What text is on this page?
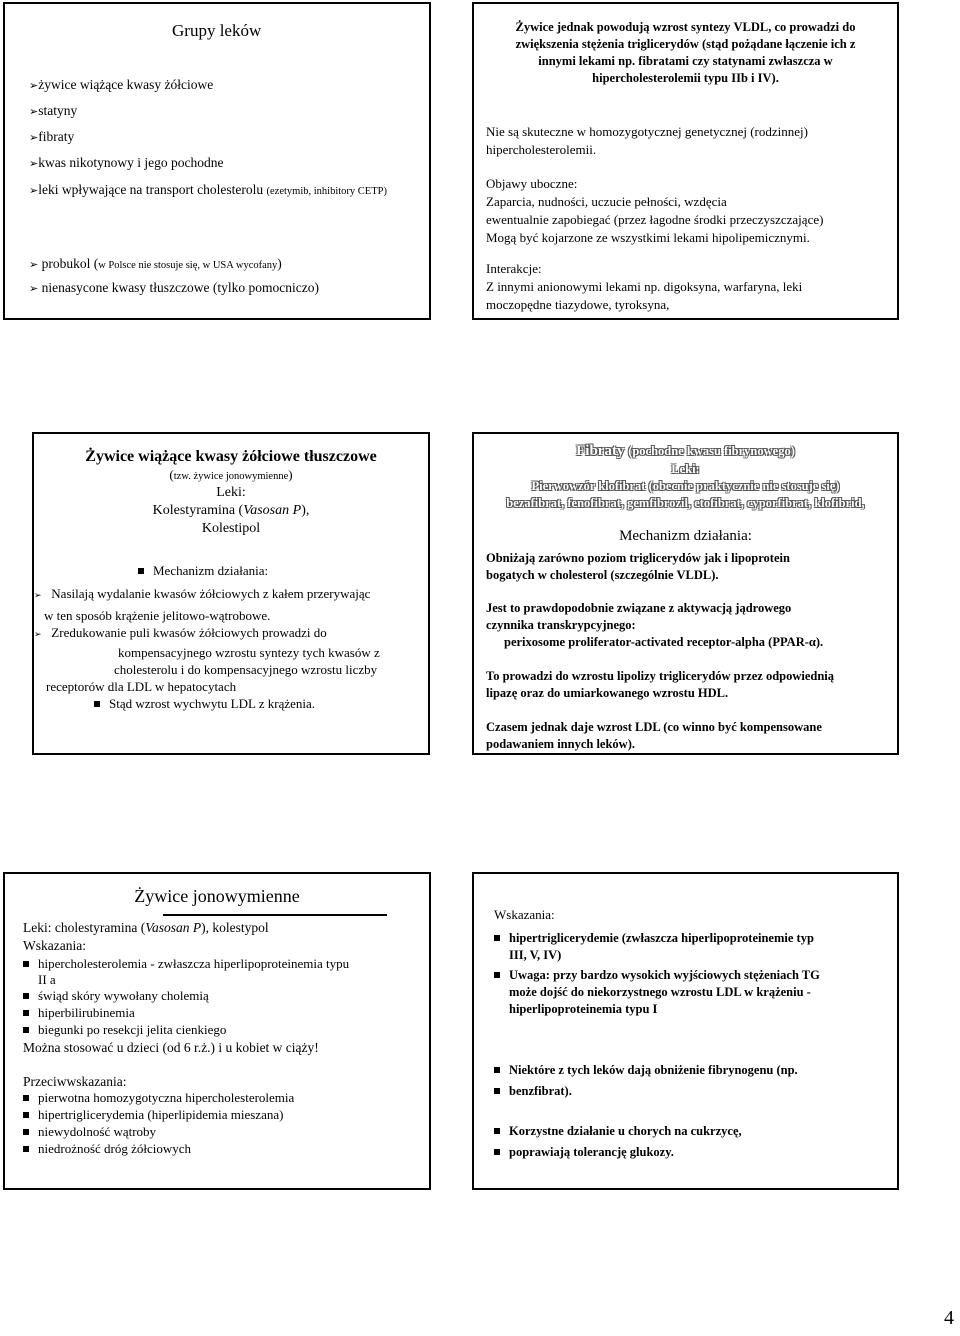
Grupy leków
➢żywice wiążące kwasy żółciowe
➢statyny
➢fibraty
➢kwas nikotynowy i jego pochodne
➢leki wpływające na transport cholesterolu (ezetymib, inhibitory CETP)
➢ probukol (w Polsce nie stosuje się, w USA wycofany)
➢ nienasycone kwasy tłuszczowe (tylko pomocniczo)
Żywice jednak powodują wzrost syntezy VLDL, co prowadzi do
zwiększenia stężenia triglicerydów (stąd pożądane łączenie ich z
innymi lekami np. fibratami czy statynami zwłaszcza w
hipercholesterolemii typu IIb i IV).
Nie są skuteczne w homozygotycznej genetycznej (rodzinnej)
hipercholesterolemii.
Objawy uboczne:
Zaparcia, nudności, uczucie pełności, wzdęcia
ewentualnie zapobiegać (przez łagodne środki przeczyszczające)
Mogą być kojarzone ze wszystkimi lekami hipolipemicznymi.
Interakcje:
Z innymi anionowymi lekami np. digoksyna, warfaryna, leki
moczopędne tiazydowe, tyroksyna,
Żywice wiążące kwasy żółciowe tłuszczowe
(tzw. żywice jonowymienne)
Leki:
Kolestyramina (Vasosan P),
Kolestipol
Mechanizm działania:
➢ Nasilają wydalanie kwasów żółciowych z kałem przerywając
w ten sposób krążenie jelitowo-wątrobowe.
➢ Zredukowanie puli kwasów żółciowych prowadzi do
kompensacyjnego wzrostu syntezy tych kwasów z
cholesterolu i do kompensacyjnego wzrostu liczby
receptorów dla LDL w hepatocytach
Stąd wzrost wychwytu LDL z krążenia.
Fibraty (pochodne kwasu fibrynowego)
Leki:
Pierwowzór klofibrat (obecnie praktycznie nie stosuje się)
bezafibrat, fenofibrat, gemfibrozil, etofibrat, cyporfibrat, klofibrid,
Mechanizm działania:
Obniżają zarówno poziom triglicerydów jak i lipoprotein
bogatych w cholesterol (szczególnie VLDL).
Jest to prawdopodobnie związane z aktywacją jądrowego
czynnika transkrypcyjnego:
perixosome proliferator-activated receptor-alpha (PPAR-α).
To prowadzi do wzrostu lipolizy triglicerydów przez odpowiednią
lipazę oraz do umiarkowanego wzrostu HDL.
Czasem jednak daje wzrost LDL (co winno być kompensowane
podawaniem innych leków).
Żywice jonowymienne
Leki: cholestyramina (Vasosan P), kolestypol
Wskazania:
hipercholesterolemia - zwłaszcza hiperlipoproteinemia typu
II a
świąd skóry wywołany cholemią
hiperbilirubinemia
biegunki po resekcji jelita cienkiego
Można stosować u dzieci (od 6 r.ż.) i u kobiet w ciąży!
Przeciwwskazania:
pierwotna homozygotyczna hipercholesterolemia
hipertriglicerydemia (hiperlipidemia mieszana)
niewydolność wątroby
niedrożność dróg żółciowych
Wskazania:
hipertriglicerydemie (zwłaszcza hiperlipoproteinemie typ
III, V, IV)
Uwaga: przy bardzo wysokich wyjściowych stężeniach TG
może dojść do niekorzystnego wzrostu LDL w krążeniu -
hiperlipoproteinemia typu I
Niektóre z tych leków dają obniżenie fibrynogenu (np.
benzfibrat).
Korzystne działanie u chorych na cukrzycę,
poprawiają tolerancję glukozy.
4
